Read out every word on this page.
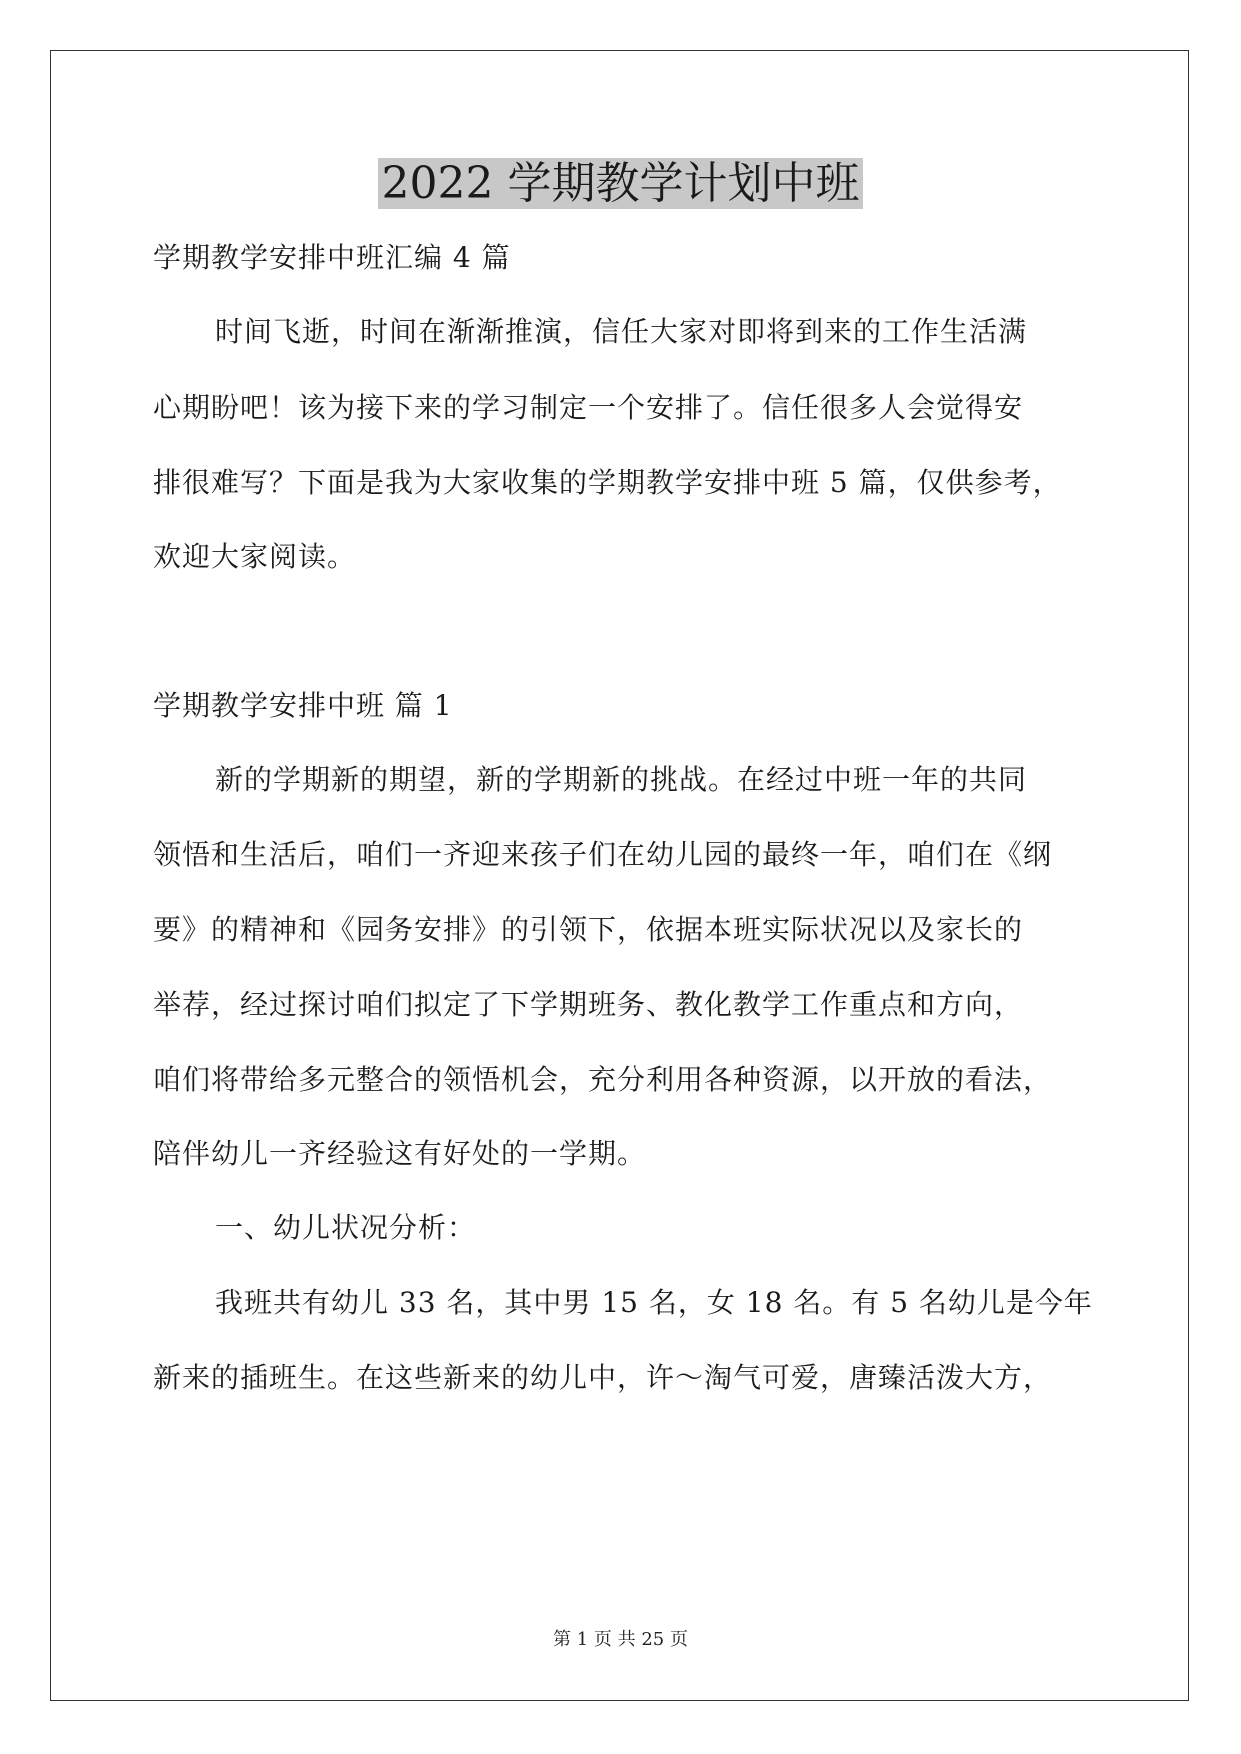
2022 学期教学计划中班
学期教学安排中班汇编 4 篇
时间飞逝，时间在渐渐推演，信任大家对即将到来的工作生活满
心期盼吧！该为接下来的学习制定一个安排了。信任很多人会觉得安
排很难写？下面是我为大家收集的学期教学安排中班 5 篇，仅供参考，
欢迎大家阅读。
学期教学安排中班 篇 1
新的学期新的期望，新的学期新的挑战。在经过中班一年的共同
领悟和生活后，咱们一齐迎来孩子们在幼儿园的最终一年，咱们在《纲
要》的精神和《园务安排》的引领下，依据本班实际状况以及家长的
举荐，经过探讨咱们拟定了下学期班务、教化教学工作重点和方向，
咱们将带给多元整合的领悟机会，充分利用各种资源，以开放的看法，
陪伴幼儿一齐经验这有好处的一学期。
一、幼儿状况分析：
我班共有幼儿 33 名，其中男 15 名，女 18 名。有 5 名幼儿是今年
新来的插班生。在这些新来的幼儿中，许～淘气可爱，唐臻活泼大方，
第 1 页 共 25 页
